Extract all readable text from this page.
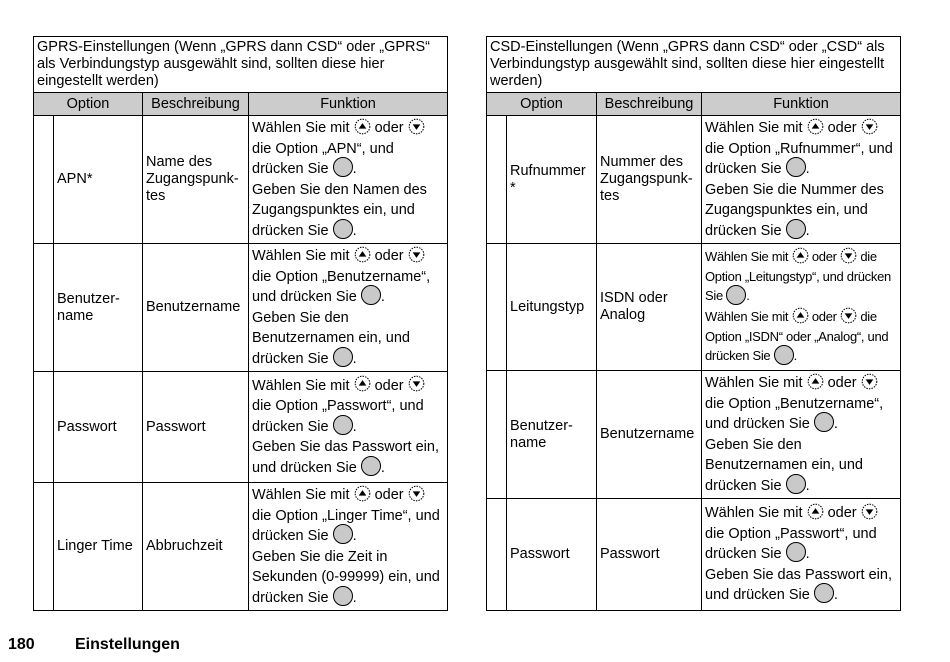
GPRS-Einstellungen (Wenn „GPRS dann CSD“ oder „GPRS“ als Verbindungstyp ausgewählt sind, sollten diese hier eingestellt werden)			
Option		Beschreibung	Funktion
	APN*	Name des Zugangspunk-tes	Wählen Sie mit oder  die Option „APN“, und drücken Sie .
Geben Sie den Namen des Zugangspunktes ein, und drücken Sie .
	Benutzer-name	Benutzername	Wählen Sie mit oder  die Option „Benutzername“, und drücken Sie .
Geben Sie den Benutzernamen ein, und drücken Sie .
	Passwort	Passwort	Wählen Sie mit oder  die Option „Passwort“, und drücken Sie .
Geben Sie das Passwort ein, und drücken Sie .
	Linger Time	Abbruchzeit	Wählen Sie mit oder  die Option „Linger Time“, und drücken Sie .
Geben Sie die Zeit in Sekunden (0-99999) ein, und drücken Sie .
CSD-Einstellungen (Wenn „GPRS dann CSD“ oder „CSD“ als Verbindungstyp ausgewählt sind, sollten diese hier eingestellt werden)			
Option		Beschreibung	Funktion
	Rufnummer *	Nummer des Zugangspunk-tes	Wählen Sie mit oder  die Option „Rufnummer“, und drücken Sie .
Geben Sie die Nummer des Zugangspunktes ein, und drücken Sie .
	Leitungstyp	ISDN oder Analog	Wählen Sie mit oder die Option „Leitungstyp“, und drücken Sie .
Wählen Sie mit oder die Option „ISDN“ oder „Analog“, und drücken Sie .
	Benutzer-name	Benutzername	Wählen Sie mit oder  die Option „Benutzername“, und drücken Sie .
Geben Sie den Benutzernamen ein, und drücken Sie .
	Passwort	Passwort	Wählen Sie mit oder  die Option „Passwort“, und drücken Sie .
Geben Sie das Passwort ein, und drücken Sie .
180	Einstellungen
